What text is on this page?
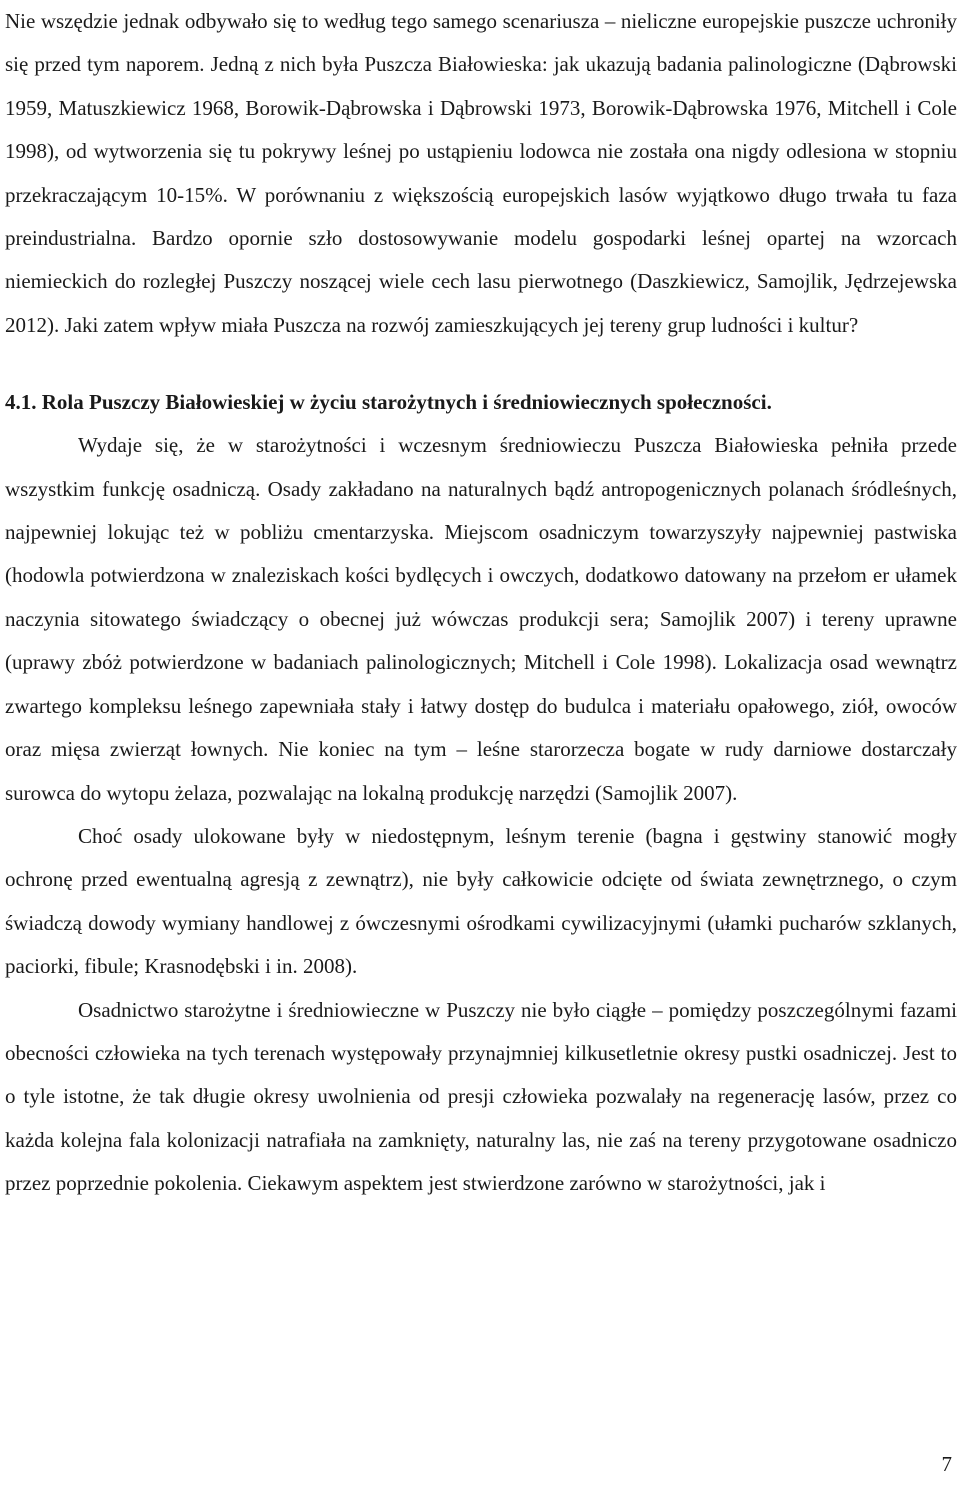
Nie wszędzie jednak odbywało się to według tego samego scenariusza – nieliczne europejskie puszcze uchroniły się przed tym naporem. Jedną z nich była Puszcza Białowieska: jak ukazują badania palinologiczne (Dąbrowski 1959, Matuszkiewicz 1968, Borowik-Dąbrowska i Dąbrowski 1973, Borowik-Dąbrowska 1976, Mitchell i Cole 1998), od wytworzenia się tu pokrywy leśnej po ustąpieniu lodowca nie została ona nigdy odlesiona w stopniu przekraczającym 10-15%. W porównaniu z większością europejskich lasów wyjątkowo długo trwała tu faza preindustrialna. Bardzo opornie szło dostosowywanie modelu gospodarki leśnej opartej na wzorcach niemieckich do rozległej Puszczy noszącej wiele cech lasu pierwotnego (Daszkiewicz, Samojlik, Jędrzejewska 2012). Jaki zatem wpływ miała Puszcza na rozwój zamieszkujących jej tereny grup ludności i kultur?

4.1. Rola Puszczy Białowieskiej w życiu starożytnych i średniowiecznych społeczności.

Wydaje się, że w starożytności i wczesnym średniowieczu Puszcza Białowieska pełniła przede wszystkim funkcję osadniczą. Osady zakładano na naturalnych bądź antropogenicznych polanach śródleśnych, najpewniej lokując też w pobliżu cmentarzyska. Miejscom osadniczym towarzyszyły najpewniej pastwiska (hodowla potwierdzona w znaleziskach kości bydlęcych i owczych, dodatkowo datowany na przełom er ułamek naczynia sitowatego świadczący o obecnej już wówczas produkcji sera; Samojlik 2007) i tereny uprawne (uprawy zbóż potwierdzone w badaniach palinologicznych; Mitchell i Cole 1998). Lokalizacja osad wewnątrz zwartego kompleksu leśnego zapewniała stały i łatwy dostęp do budulca i materiału opałowego, ziół, owoców oraz mięsa zwierząt łownych. Nie koniec na tym – leśne starorzecza bogate w rudy darniowe dostarczały surowca do wytopu żelaza, pozwalając na lokalną produkcję narzędzi (Samojlik 2007).

Choć osady ulokowane były w niedostępnym, leśnym terenie (bagna i gęstwiny stanowić mogły ochronę przed ewentualną agresją z zewnątrz), nie były całkowicie odcięte od świata zewnętrznego, o czym świadczą dowody wymiany handlowej z ówczesnymi ośrodkami cywilizacyjnymi (ułamki pucharów szklanych, paciorki, fibule; Krasnodębski i in. 2008).

Osadnictwo starożytne i średniowieczne w Puszczy nie było ciągłe – pomiędzy poszczególnymi fazami obecności człowieka na tych terenach występowały przynajmniej kilkusetletnie okresy pustki osadniczej. Jest to o tyle istotne, że tak długie okresy uwolnienia od presji człowieka pozwalały na regenerację lasów, przez co każda kolejna fala kolonizacji natrafiała na zamknięty, naturalny las, nie zaś na tereny przygotowane osadniczo przez poprzednie pokolenia. Ciekawym aspektem jest stwierdzone zarówno w starożytności, jak i

7
